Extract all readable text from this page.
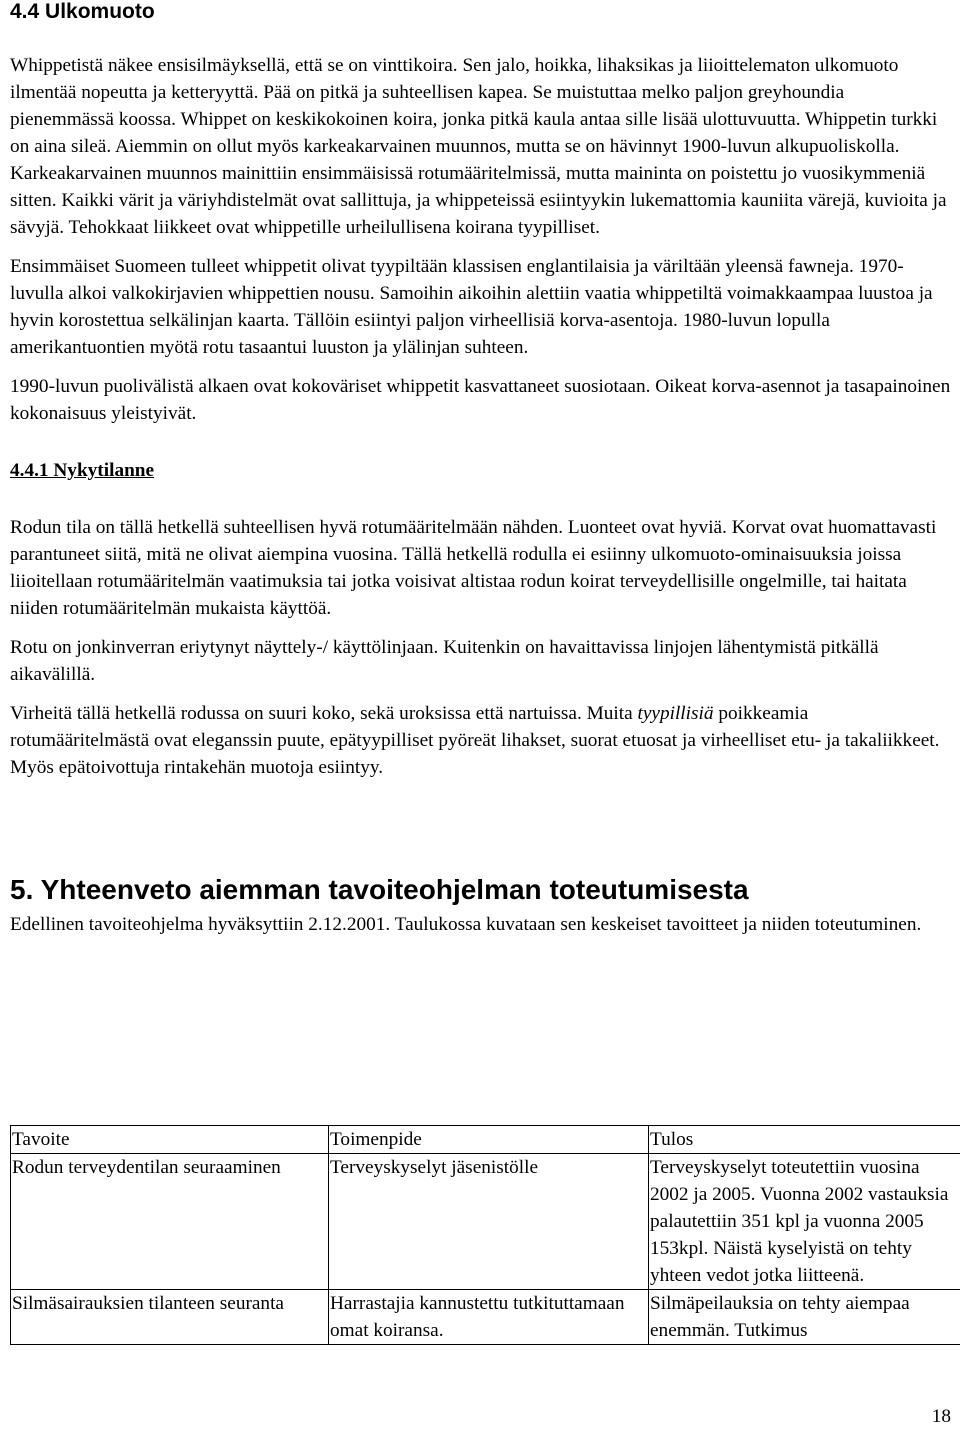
4.4 Ulkomuoto

Whippetistä näkee ensisilmäyksellä, että se on vinttikoira. Sen jalo, hoikka, lihaksikas ja liioittelematon ulkomuoto ilmentää nopeutta ja ketteryyttä. Pää on pitkä ja suhteellisen kapea. Se muistuttaa melko paljon greyhoundia pienemmässä koossa. Whippet on keskikokoinen koira, jonka pitkä kaula antaa sille lisää ulottuvuutta. Whippetin turkki on aina sileä. Aiemmin on ollut myös karkeakarvainen muunnos, mutta se on hävinnyt 1900-luvun alkupuoliskolla. Karkeakarvainen muunnos mainittiin ensimmäisissä rotumääritelmissä, mutta maininta on poistettu jo vuosikymmeniä sitten. Kaikki värit ja väriyhdistelmät ovat sallittuja, ja whippeteissä esiintyykin lukemattomia kauniita värejä, kuvioita ja sävyjä. Tehokkaat liikkeet ovat whippetille urheilullisena koirana tyypilliset.

Ensimmäiset Suomeen tulleet whippetit olivat tyypiltään klassisen englantilaisia ja väriltään yleensä fawneja. 1970-luvulla alkoi valkokirjavien whippettien nousu. Samoihin aikoihin alettiin vaatia whippetiltä voimakkaampaa luustoa ja hyvin korostettua selkälinjan kaarta. Tällöin esiintyi paljon virheellisiä korva-asentoja. 1980-luvun lopulla amerikantuontien myötä rotu tasaantui luuston ja ylälinjan suhteen.

1990-luvun puolivälistä alkaen ovat kokoväriset whippetit kasvattaneet suosiotaan. Oikeat korva-asennot ja tasapainoinen kokonaisuus yleistyivät.

4.4.1 Nykytilanne

Rodun tila on tällä hetkellä suhteellisen hyvä rotumääritelmään nähden. Luonteet ovat hyviä. Korvat ovat huomattavasti parantuneet siitä, mitä ne olivat aiempina vuosina. Tällä hetkellä rodulla ei esiinny ulkomuoto-ominaisuuksia joissa liioitellaan rotumääritelmän vaatimuksia tai jotka voisivat altistaa rodun koirat terveydellisille ongelmille, tai haitata niiden rotumääritelmän mukaista käyttöä.

Rotu on jonkinverran eriytynyt näyttely-/ käyttölinjaan. Kuitenkin on havaittavissa linjojen lähentymistä pitkällä aikavälillä.

Virheitä tällä hetkellä rodussa on suuri koko, sekä uroksissa että nartuissa. Muita tyypillisiä poikkeamia rotumääritelmästä ovat eleganssin puute, epätyypilliset pyöreät lihakset, suorat etuosat ja virheelliset etu- ja takaliikkeet. Myös epätoivottuja rintakehän muotoja esiintyy.

5. Yhteenveto aiemman tavoiteohjelman toteutumisesta

Edellinen tavoiteohjelma hyväksyttiin 2.12.2001. Taulukossa kuvataan sen keskeiset tavoitteet ja niiden toteutuminen.

Tavoite	Toimenpide	Tulos
Rodun terveydentilan seuraaminen	Terveyskyselyt jäsenistölle	Terveyskyselyt toteutettiin vuosina 2002 ja 2005. Vuonna 2002 vastauksia palautettiin 351 kpl ja vuonna 2005 153kpl. Näistä kyselyistä on tehty yhteen vedot jotka liitteenä.
Silmäsairauksien tilanteen seuranta	Harrastajia kannustettu tutkituttamaan omat koiransa.	Silmäpeilauksia on tehty aiempaa enemmän. Tutkimus
18
